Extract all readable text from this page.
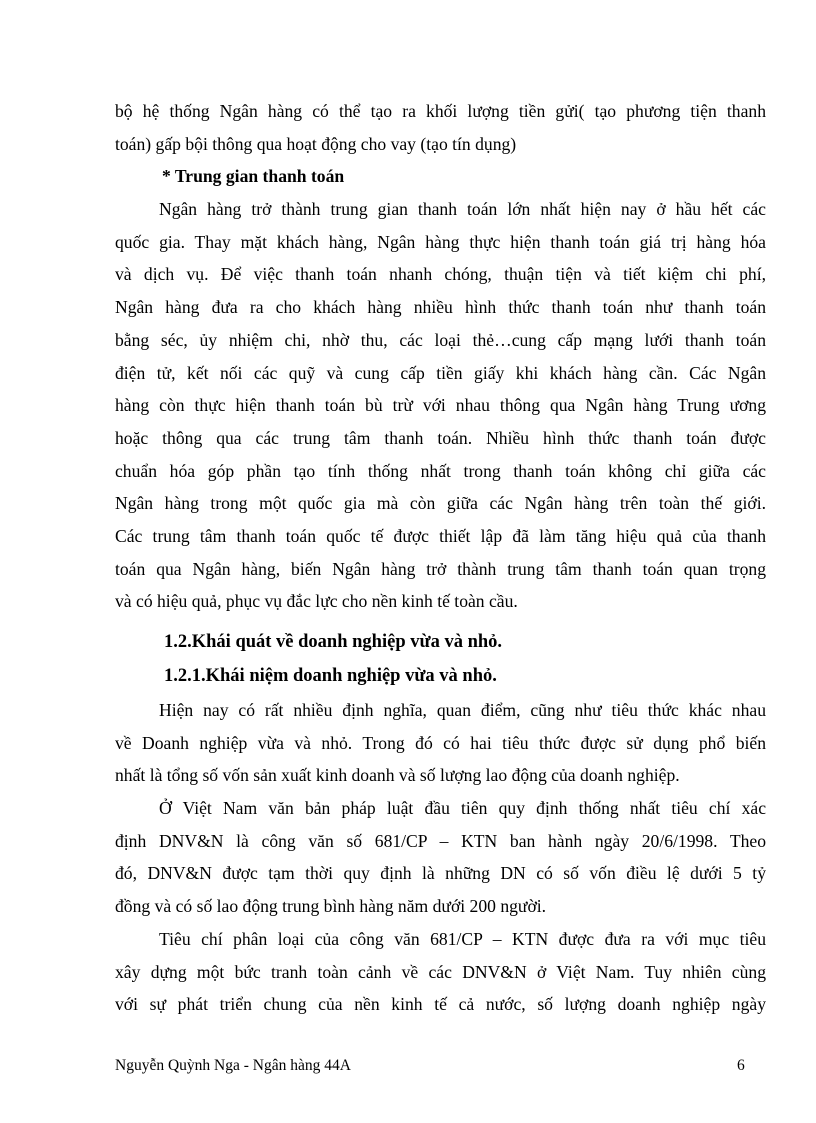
bộ hệ thống Ngân hàng có thể tạo ra khối lượng tiền gửi( tạo phương tiện thanh
toán) gấp bội thông qua hoạt động cho vay (tạo tín dụng)
* Trung gian thanh toán
Ngân hàng trở thành trung gian thanh toán lớn nhất hiện nay ở hầu hết các
quốc gia. Thay mặt khách hàng, Ngân hàng thực hiện thanh toán giá trị hàng hóa
và dịch vụ. Để việc thanh toán nhanh chóng, thuận tiện và tiết kiệm chi phí,
Ngân hàng đưa ra cho khách hàng nhiều hình thức thanh toán như thanh toán
bằng séc, ủy nhiệm chi, nhờ thu, các loại thẻ…cung cấp mạng lưới thanh toán
điện tử, kết nối các quỹ và cung cấp tiền giấy khi khách hàng cần. Các Ngân
hàng còn thực hiện thanh toán bù trừ với nhau thông qua Ngân hàng Trung ương
hoặc thông qua các trung tâm thanh toán. Nhiều hình thức thanh toán được
chuẩn hóa góp phần tạo tính thống nhất trong thanh toán không chỉ giữa các
Ngân hàng trong một quốc gia mà còn giữa các Ngân hàng trên toàn thế giới.
Các trung tâm thanh toán quốc tế được thiết lập đã làm tăng hiệu quả của thanh
toán qua Ngân hàng, biến Ngân hàng trở thành trung tâm thanh toán quan trọng
và có hiệu quả, phục vụ đắc lực cho nền kinh tế toàn cầu.
1.2.Khái quát về doanh nghiệp vừa và nhỏ.
1.2.1.Khái niệm doanh nghiệp vừa và nhỏ.
Hiện nay có rất nhiều định nghĩa, quan điểm, cũng như tiêu thức khác nhau
về Doanh nghiệp vừa và nhỏ. Trong đó có hai tiêu thức được sử dụng phổ biến
nhất là tổng số vốn sản xuất kinh doanh và số lượng lao động của doanh nghiệp.
Ở Việt Nam văn bản pháp luật đầu tiên quy định thống nhất tiêu chí xác
định DNV&N là công văn số 681/CP – KTN ban hành ngày 20/6/1998. Theo
đó, DNV&N được tạm thời quy định là những DN có số vốn điều lệ dưới 5 tỷ
đồng và có số lao động trung bình hàng năm dưới 200 người.
Tiêu chí phân loại của công văn 681/CP – KTN được đưa ra với mục tiêu
xây dựng một bức tranh toàn cảnh về các DNV&N ở Việt Nam. Tuy nhiên cùng
với sự phát triển chung của nền kinh tế cả nước, số lượng doanh nghiệp ngày
Nguyễn Quỳnh Nga - Ngân hàng 44A	6
